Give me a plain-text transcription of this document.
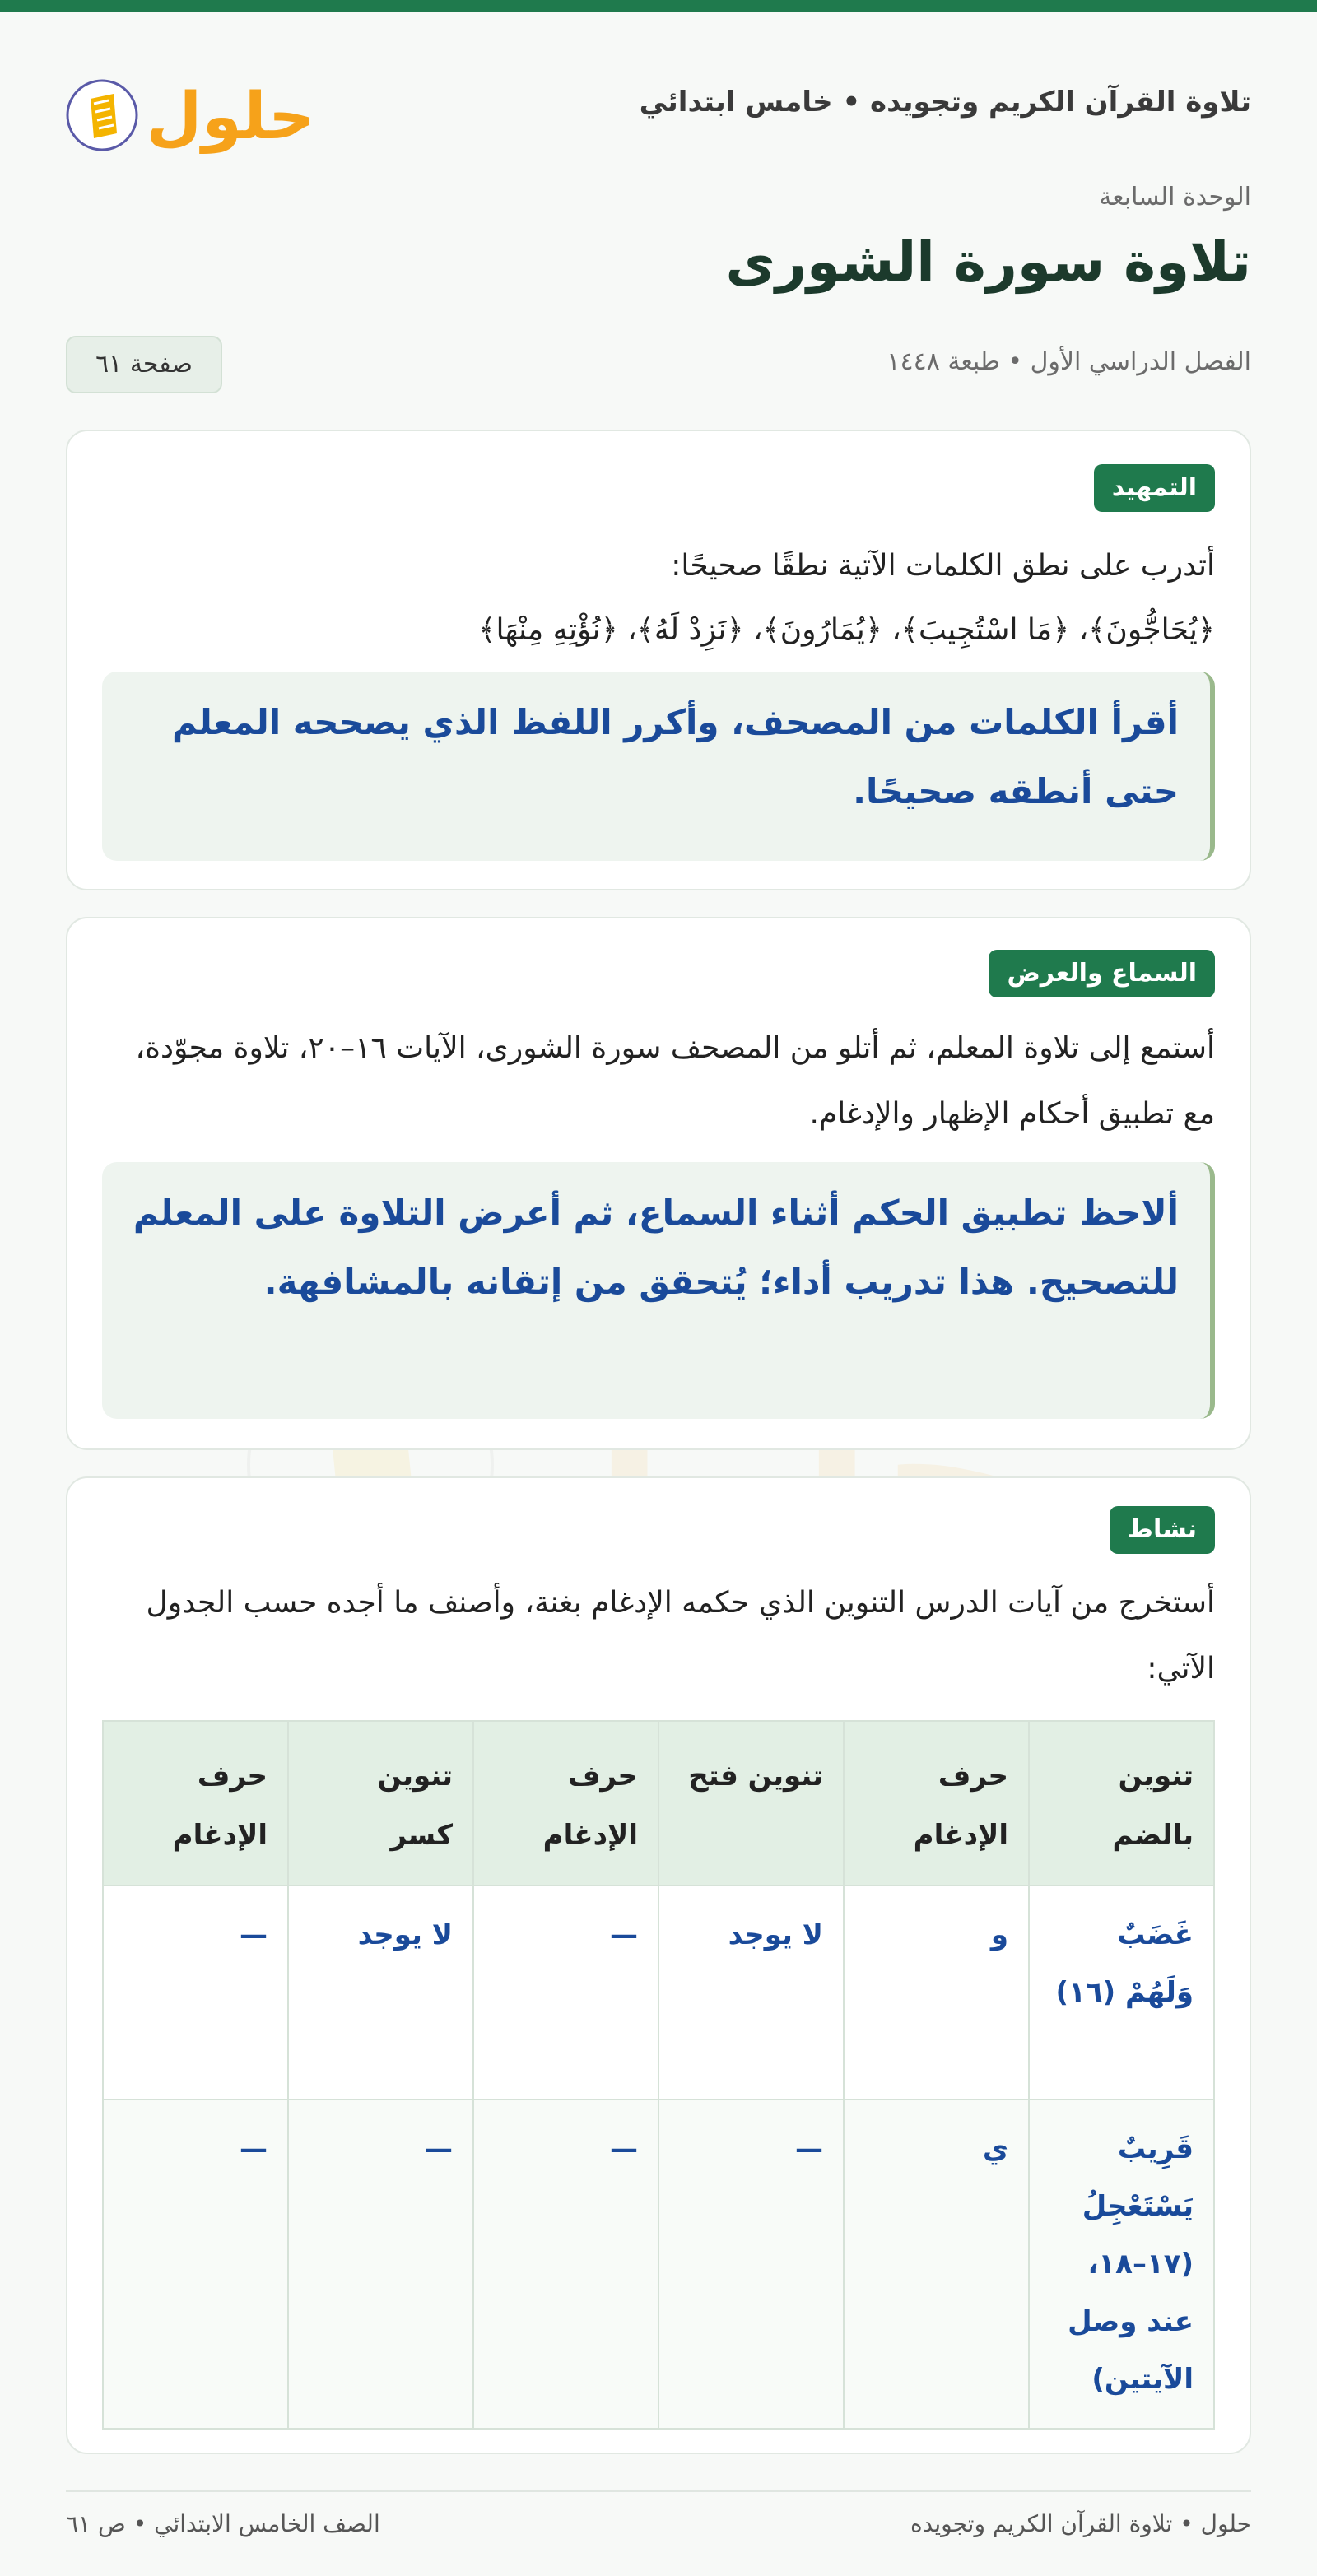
تلاوة القرآن الكريم وتجويده • خامس ابتدائي
حلول
الوحدة السابعة
تلاوة سورة الشورى
الفصل الدراسي الأول • طبعة ١٤٤٨
صفحة ٦١
التمهيد
أتدرب على نطق الكلمات الآتية نطقًا صحيحًا:
﴿يُحَاجُّونَ﴾، ﴿مَا اسْتُجِيبَ﴾، ﴿يُمَارُونَ﴾، ﴿نَزِدْ لَهُ﴾، ﴿نُؤْتِهِ مِنْهَا﴾
أقرأ الكلمات من المصحف، وأكرر اللفظ الذي يصححه المعلم حتى أنطقه صحيحًا.
السماع والعرض
أستمع إلى تلاوة المعلم، ثم أتلو من المصحف سورة الشورى، الآيات ١٦–٢٠، تلاوة مجوّدة، مع تطبيق أحكام الإظهار والإدغام.
ألاحظ تطبيق الحكم أثناء السماع، ثم أعرض التلاوة على المعلم للتصحيح. هذا تدريب أداء؛ يُتحقق من إتقانه بالمشافهة.
نشاط
أستخرج من آيات الدرس التنوين الذي حكمه الإدغام بغنة، وأصنف ما أجده حسب الجدول الآتي:
تنوين بالضم	حرف الإدغام	تنوين فتح	حرف الإدغام	تنوين كسر	حرف الإدغام
غَضَبٌ وَلَهُمْ (١٦)	و	لا يوجد	—	لا يوجد	—
قَرِيبٌ يَسْتَعْجِلُ (١٧–١٨، عند وصل الآيتين)	ي	—	—	—	—
حلول • تلاوة القرآن الكريم وتجويده
الصف الخامس الابتدائي • ص ٦١
